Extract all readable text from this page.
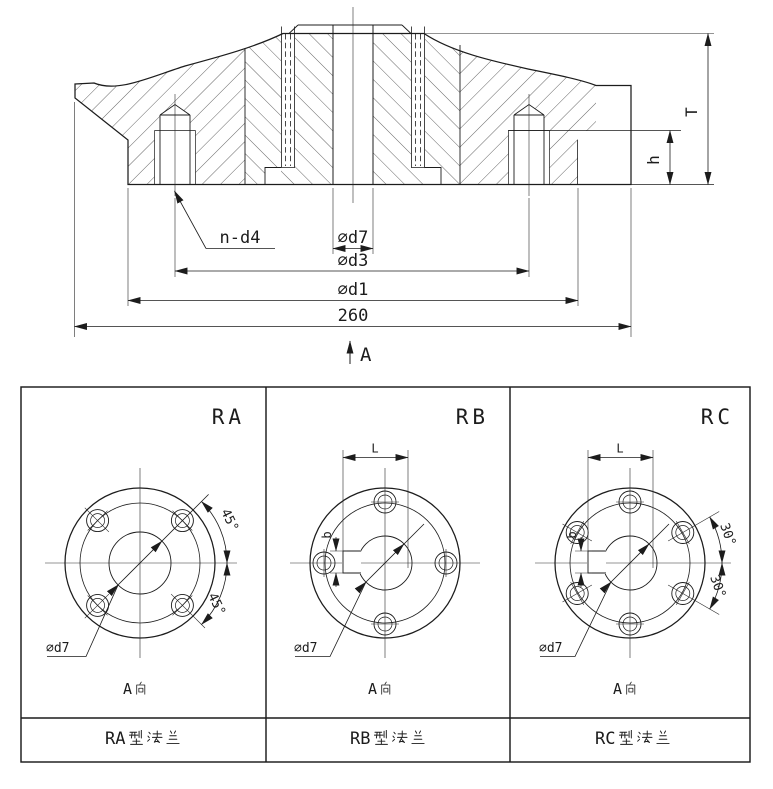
∅d7
∅d3
∅d1
260
n-d4
T
h
A
RA
45°
45°
∅d7
A
RA
RB
L
b
∅d7
A
RB
RC
L
b	30°
30°
∅d7
A
RC
